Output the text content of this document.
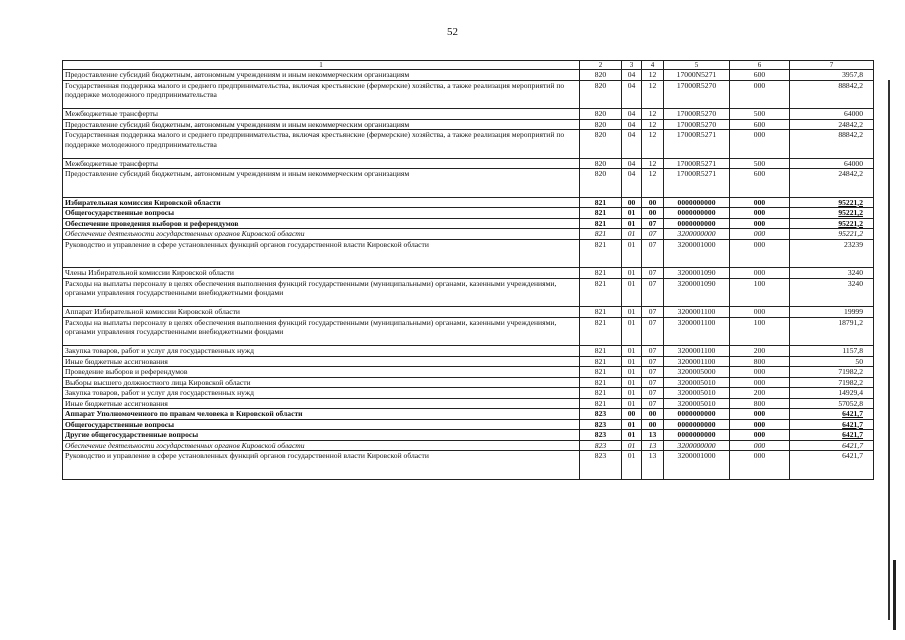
52
1	2	3	4	5	6	7
Предоставление субсидий бюджетным, автономным учреждениям и иным некоммерческим организациям	820	04	12	17000N5271	600	3957,8
Государственная поддержка малого и среднего предпринимательства, включая крестьянские (фермерские) хозяйства, а также реализация мероприятий по поддержке молодежного предпринимательства	820	04	12	17000R5270	000	88842,2
Межбюджетные трансферты	820	04	12	17000R5270	500	64000
Предоставление субсидий бюджетным, автономным учреждениям и иным некоммерческим организациям	820	04	12	17000R5270	600	24842,2
Государственная поддержка малого и среднего предпринимательства, включая крестьянские (фермерские) хозяйства, а также реализация мероприятий по поддержке молодежного предпринимательства	820	04	12	17000R5271	000	88842,2
Межбюджетные трансферты	820	04	12	17000R5271	500	64000
Предоставление субсидий бюджетным, автономным учреждениям и иным некоммерческим организациям	820	04	12	17000R5271	600	24842,2
Избирательная комиссия Кировской области	821	00	00	0000000000	000	95221,2
Общегосударственные вопросы	821	01	00	0000000000	000	95221,2
Обеспечение проведения выборов и референдумов	821	01	07	0000000000	000	95221,2
Обеспечение деятельности государственных органов Кировской области	821	01	07	3200000000	000	95221,2
Руководство и управление в сфере установленных функций органов государственной власти Кировской области	821	01	07	3200001000	000	23239
Члены Избирательной комиссии Кировской области	821	01	07	3200001090	000	3240
Расходы на выплаты персоналу в целях обеспечения выполнения функций государственными (муниципальными) органами, казенными учреждениями, органами управления государственными внебюджетными фондами	821	01	07	3200001090	100	3240
Аппарат Избирательной комиссии Кировской области	821	01	07	3200001100	000	19999
Расходы на выплаты персоналу в целях обеспечения выполнения функций государственными (муниципальными) органами, казенными учреждениями, органами управления государственными внебюджетными фондами	821	01	07	3200001100	100	18791,2
Закупка товаров, работ и услуг для государственных нужд	821	01	07	3200001100	200	1157,8
Иные бюджетные ассигнования	821	01	07	3200001100	800	50
Проведение выборов и референдумов	821	01	07	3200005000	000	71982,2
Выборы высшего должностного лица Кировской области	821	01	07	3200005010	000	71982,2
Закупка товаров, работ и услуг для государственных нужд	821	01	07	3200005010	200	14929,4
Иные бюджетные ассигнования	821	01	07	3200005010	800	57052,8
Аппарат Уполномоченного по правам человека в Кировской области	823	00	00	0000000000	000	6421,7
Общегосударственные вопросы	823	01	00	0000000000	000	6421,7
Другие общегосударственные вопросы	823	01	13	0000000000	000	6421,7
Обеспечение деятельности государственных органов Кировской области	823	01	13	3200000000	000	6421,7
Руководство и управление в сфере установленных функций органов государственной власти Кировской области	823	01	13	3200001000	000	6421,7
